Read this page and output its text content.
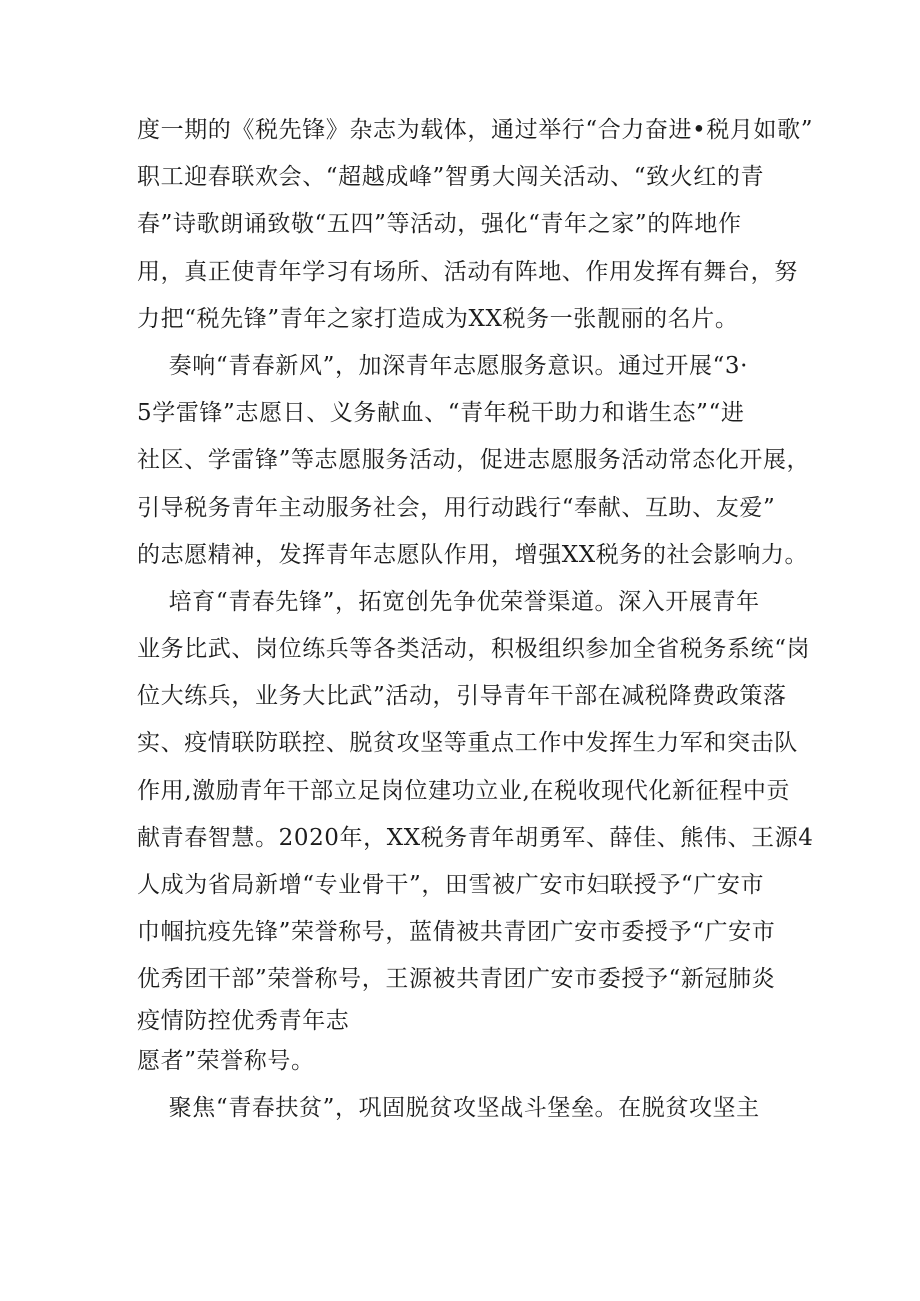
度一期的《税先锋》杂志为载体，通过举行“合力奋进•税月如歌”
职工迎春联欢会、“超越成峰”智勇大闯关活动、“致火红的青
春”诗歌朗诵致敬“五四”等活动，强化“青年之家”的阵地作
用，真正使青年学习有场所、活动有阵地、作用发挥有舞台，努
力把“税先锋”青年之家打造成为XX税务一张靓丽的名片。
奏响“青春新风”，加深青年志愿服务意识。通过开展“3·
5学雷锋”志愿日、义务献血、“青年税干助力和谐生态”“进
社区、学雷锋”等志愿服务活动，促进志愿服务活动常态化开展，
引导税务青年主动服务社会，用行动践行“奉献、互助、友爱”
的志愿精神，发挥青年志愿队作用，增强XX税务的社会影响力。
培育“青春先锋”，拓宽创先争优荣誉渠道。深入开展青年
业务比武、岗位练兵等各类活动，积极组织参加全省税务系统“岗
位大练兵，业务大比武”活动，引导青年干部在减税降费政策落
实、疫情联防联控、脱贫攻坚等重点工作中发挥生力军和突击队
作用,激励青年干部立足岗位建功立业,在税收现代化新征程中贡
献青春智慧。2020年，XX税务青年胡勇军、薛佳、熊伟、王源4
人成为省局新增“专业骨干”，田雪被广安市妇联授予“广安市
巾帼抗疫先锋”荣誉称号，蓝倩被共青团广安市委授予“广安市
优秀团干部”荣誉称号，王源被共青团广安市委授予“新冠肺炎
疫情防控优秀青年志
愿者”荣誉称号。
聚焦“青春扶贫”，巩固脱贫攻坚战斗堡垒。在脱贫攻坚主
